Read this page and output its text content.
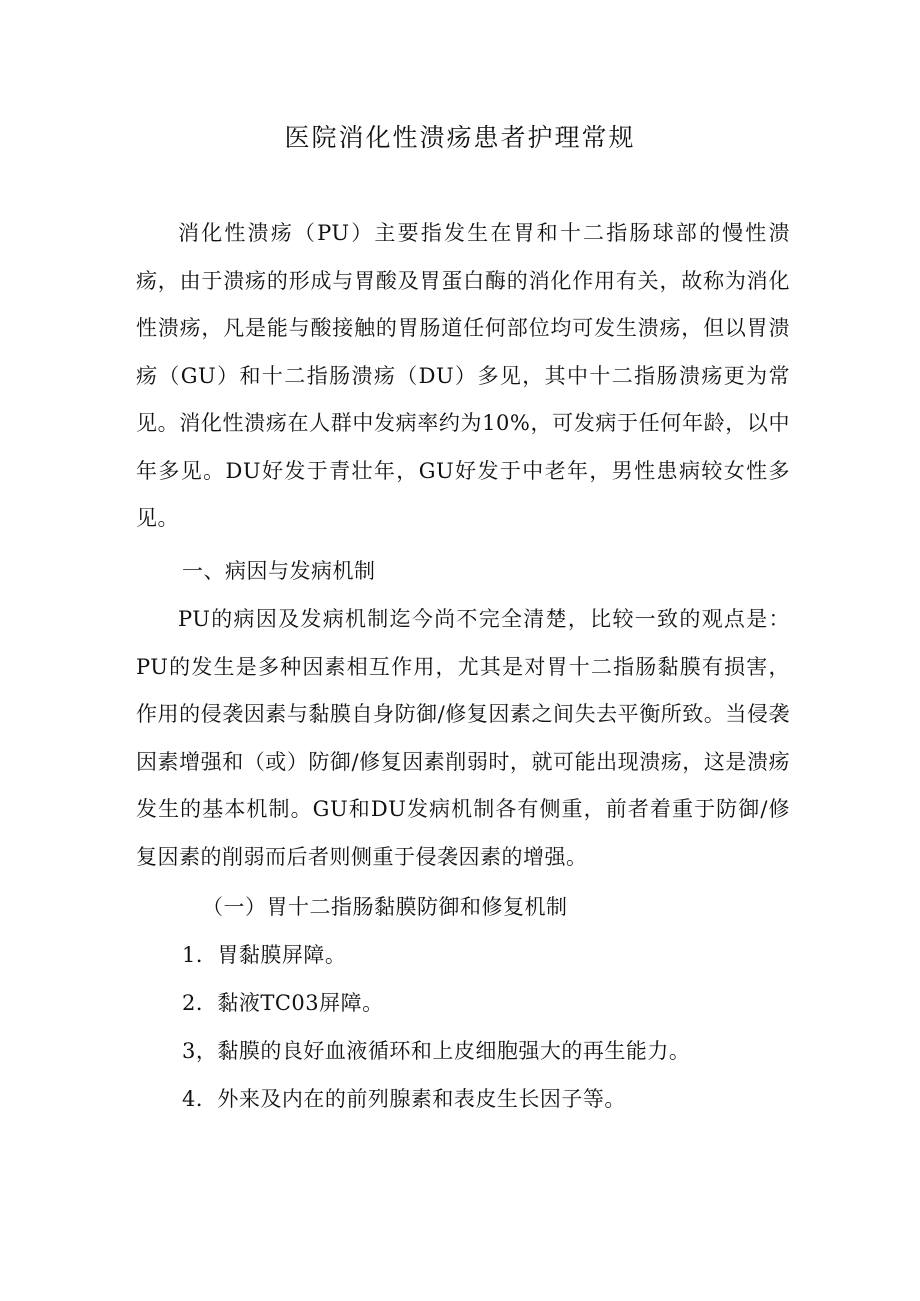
医院消化性溃疡患者护理常规

消化性溃疡（PU）主要指发生在胃和十二指肠球部的慢性溃疡，由于溃疡的形成与胃酸及胃蛋白酶的消化作用有关，故称为消化性溃疡，凡是能与酸接触的胃肠道任何部位均可发生溃疡，但以胃溃疡（GU）和十二指肠溃疡（DU）多见，其中十二指肠溃疡更为常见。消化性溃疡在人群中发病率约为10%，可发病于任何年龄，以中年多见。DU好发于青壮年，GU好发于中老年，男性患病较女性多见。

一、病因与发病机制

PU的病因及发病机制迄今尚不完全清楚，比较一致的观点是：PU的发生是多种因素相互作用，尤其是对胃十二指肠黏膜有损害，作用的侵袭因素与黏膜自身防御/修复因素之间失去平衡所致。当侵袭因素增强和（或）防御/修复因素削弱时，就可能出现溃疡，这是溃疡发生的基本机制。GU和DU发病机制各有侧重，前者着重于防御/修复因素的削弱而后者则侧重于侵袭因素的增强。

（一）胃十二指肠黏膜防御和修复机制
1．胃黏膜屏障。
2．黏液TC03屏障。
3，黏膜的良好血液循环和上皮细胞强大的再生能力。
4．外来及内在的前列腺素和表皮生长因子等。
